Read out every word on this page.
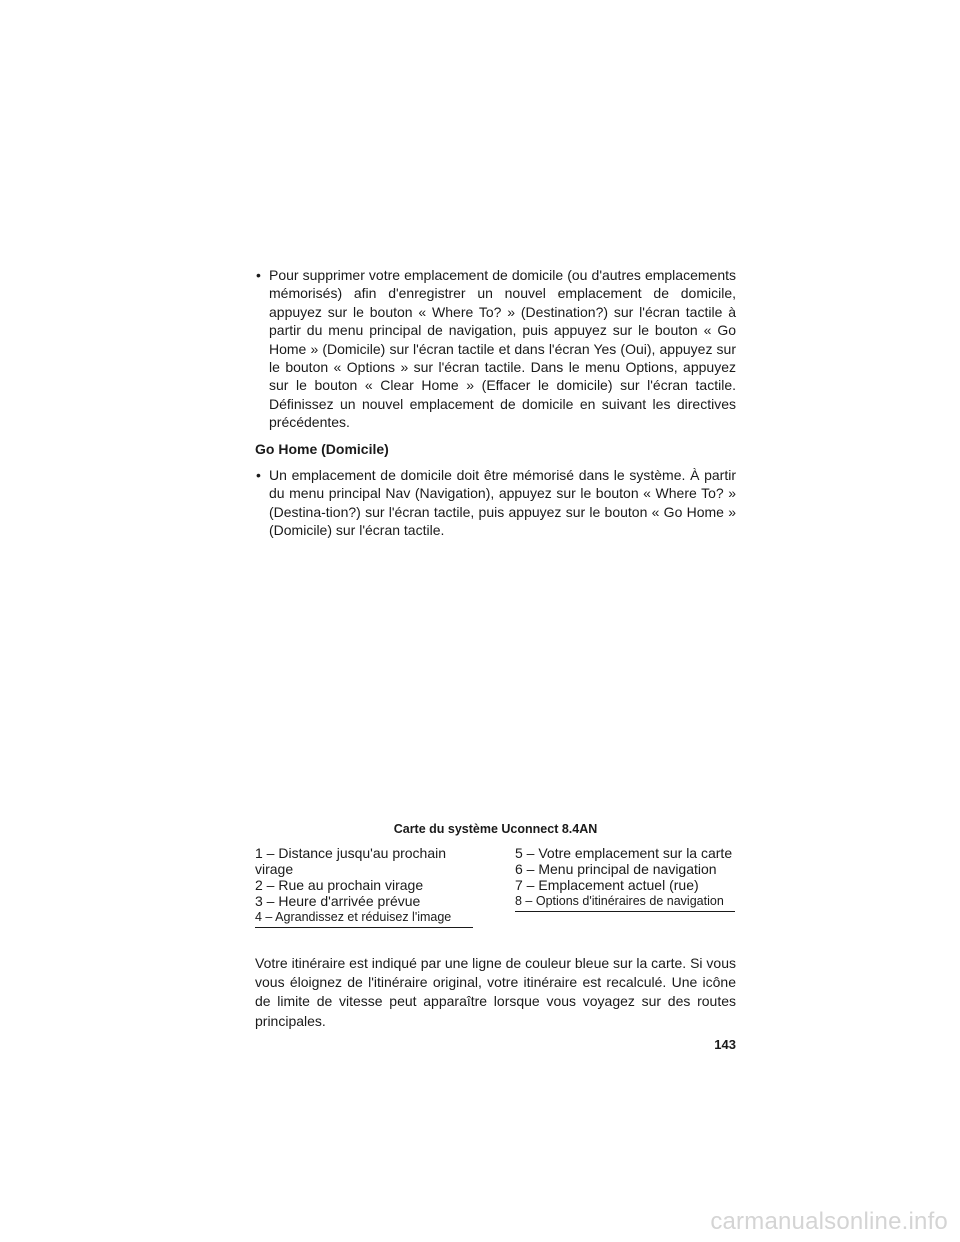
• Pour supprimer votre emplacement de domicile (ou d'autres emplacements mémorisés) afin d'enregistrer un nouvel emplacement de domicile, appuyez sur le bouton « Where To? » (Destination?) sur l'écran tactile à partir du menu principal de navigation, puis appuyez sur le bouton « Go Home » (Domicile) sur l'écran tactile et dans l'écran Yes (Oui), appuyez sur le bouton « Options » sur l'écran tactile. Dans le menu Options, appuyez sur le bouton « Clear Home » (Effacer le domicile) sur l'écran tactile. Définissez un nouvel emplacement de domicile en suivant les directives précédentes.

Go Home (Domicile)

• Un emplacement de domicile doit être mémorisé dans le système. À partir du menu principal Nav (Navigation), appuyez sur le bouton « Where To? » (Destina-tion?) sur l'écran tactile, puis appuyez sur le bouton « Go Home » (Domicile) sur l'écran tactile.

Carte du système Uconnect 8.4AN
1 – Distance jusqu'au prochain virage
2 – Rue au prochain virage
3 – Heure d'arrivée prévue
4 – Agrandissez et réduisez l'image
5 – Votre emplacement sur la carte
6 – Menu principal de navigation
7 – Emplacement actuel (rue)
8 – Options d'itinéraires de navigation

Votre itinéraire est indiqué par une ligne de couleur bleue sur la carte. Si vous vous éloignez de l'itinéraire original, votre itinéraire est recalculé. Une icône de limite de vitesse peut apparaître lorsque vous voyagez sur des routes principales.

143
carmanualsonline.info
